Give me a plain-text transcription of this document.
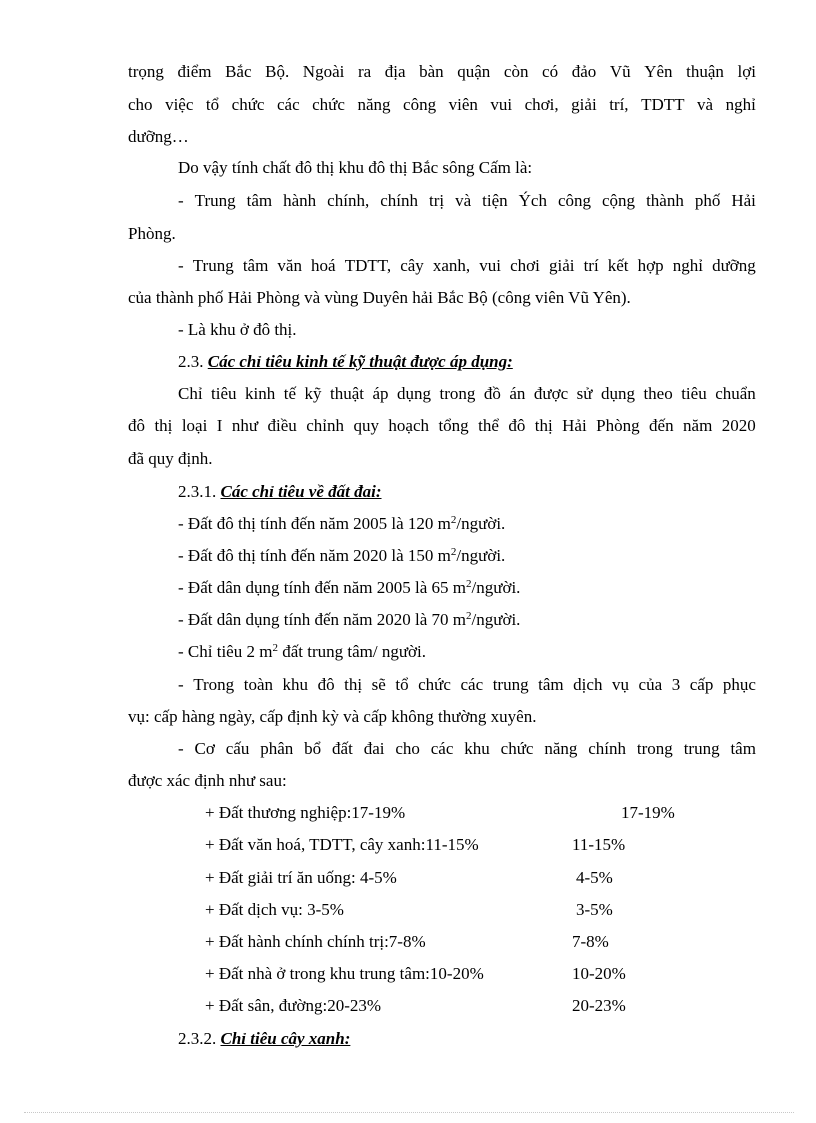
trọng điểm Bắc Bộ. Ngoài ra địa bàn quận còn có đảo Vũ Yên thuận lợi
cho việc tổ chức các chức năng công viên vui chơi, giải trí, TDTT và nghỉ
dưỡng…
Do vậy tính chất đô thị khu đô thị Bắc sông Cấm là:
- Trung tâm hành chính, chính trị và tiện Ých công cộng thành phố Hải
Phòng.
- Trung tâm văn hoá TDTT, cây xanh, vui chơi giải trí kết hợp nghỉ dưỡng
của thành phố Hải Phòng và vùng Duyên hải Bắc Bộ (công viên Vũ Yên).
- Là khu ở đô thị.
2.3. Các chỉ tiêu kinh tế kỹ thuật được áp dụng:
Chỉ tiêu kinh tế kỹ thuật áp dụng trong đồ án được sử dụng theo tiêu chuẩn
đô thị loại I như điều chỉnh quy hoạch tổng thể đô thị Hải Phòng đến năm 2020
đã quy định.
2.3.1. Các chỉ tiêu về đất đai:
- Đất đô thị tính đến năm 2005 là 120 $m^2$/người.
- Đất đô thị tính đến năm 2020 là 150 $m^2$/người.
- Đất dân dụng tính đến năm 2005 là 65 $m^2$/người.
- Đất dân dụng tính đến năm 2020 là 70 $m^2$/người.
- Chỉ tiêu 2 $m^2$ đất trung tâm/ người.
- Trong toàn khu đô thị sẽ tổ chức các trung tâm dịch vụ của 3 cấp phục
vụ: cấp hàng ngày, cấp định kỳ và cấp không thường xuyên.
- Cơ cấu phân bổ đất đai cho các khu chức năng chính trong trung tâm
được xác định như sau:
+ Đất thương nghiệp:17-19%	17-19%
+ Đất văn hoá, TDTT, cây xanh:11-15%	11-15%
+ Đất giải trí ăn uống: 4-5%	4-5%
+ Đất dịch vụ: 3-5%	3-5%
+ Đất hành chính chính trị:7-8%	7-8%
+ Đất nhà ở trong khu trung tâm:10-20%	10-20%
+ Đất sân, đường:20-23%	20-23%
2.3.2. Chỉ tiêu cây xanh:
